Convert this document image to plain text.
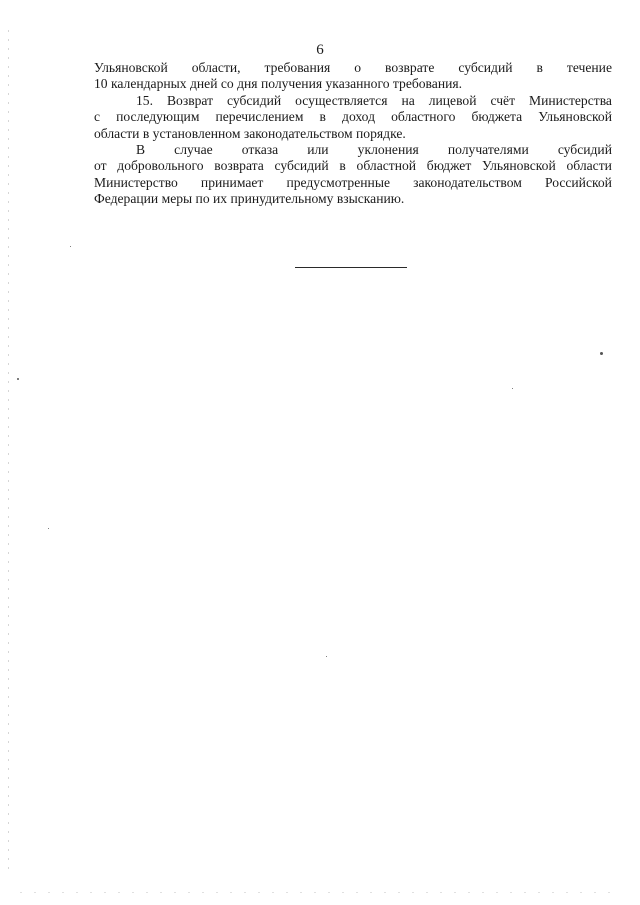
6

Ульяновской области, требования о возврате субсидий в течение
10 календарных дней со дня получения указанного требования.

15. Возврат субсидий осуществляется на лицевой счёт Министерства
с последующим перечислением в доход областного бюджета Ульяновской
области в установленном законодательством порядке.

В случае отказа или уклонения получателями субсидий
от добровольного возврата субсидий в областной бюджет Ульяновской области
Министерство принимает предусмотренные законодательством Российской
Федерации меры по их принудительному взысканию.
